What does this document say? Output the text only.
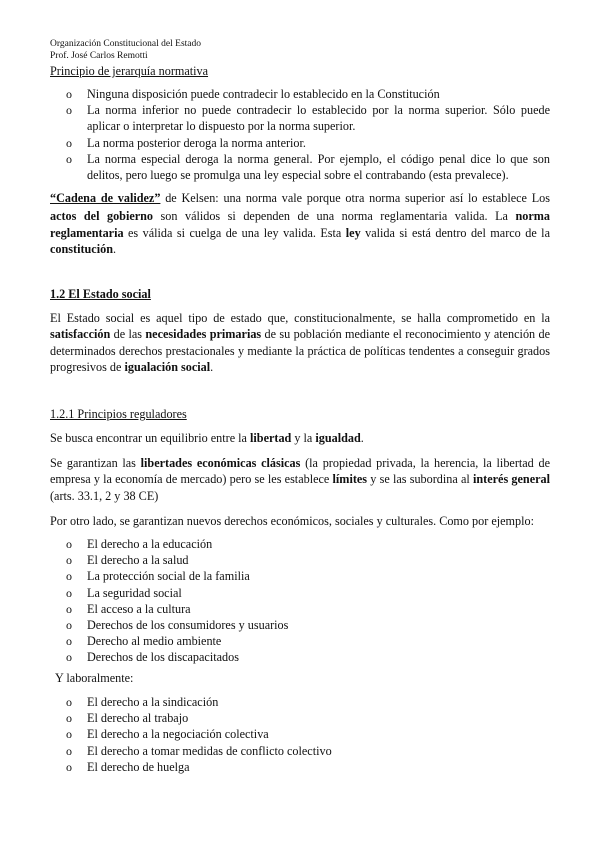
Organización Constitucional del Estado
Prof. José Carlos Remotti
Principio de jerarquía normativa
o Ninguna disposición puede contradecir lo establecido en la Constitución
o La norma inferior no puede contradecir lo establecido por la norma superior. Sólo puede aplicar o interpretar lo dispuesto por la norma superior.
o La norma posterior deroga la norma anterior.
o La norma especial deroga la norma general. Por ejemplo, el código penal dice lo que son delitos, pero luego se promulga una ley especial sobre el contrabando (esta prevalece).
“Cadena de validez” de Kelsen: una norma vale porque otra norma superior así lo establece Los actos del gobierno son válidos si dependen de una norma reglamentaria valida. La norma reglamentaria es válida si cuelga de una ley valida. Esta ley valida si está dentro del marco de la constitución.
1.2 El Estado social
El Estado social es aquel tipo de estado que, constitucionalmente, se halla comprometido en la satisfacción de las necesidades primarias de su población mediante el reconocimiento y atención de determinados derechos prestacionales y mediante la práctica de políticas tendentes a conseguir grados progresivos de igualación social.
1.2.1 Principios reguladores
Se busca encontrar un equilibrio entre la libertad y la igualdad.
Se garantizan las libertades económicas clásicas (la propiedad privada, la herencia, la libertad de empresa y la economía de mercado) pero se les establece límites y se las subordina al interés general (arts. 33.1, 2 y 38 CE)
Por otro lado, se garantizan nuevos derechos económicos, sociales y culturales. Como por ejemplo:
o El derecho a la educación
o El derecho a la salud
o La protección social de la familia
o La seguridad social
o El acceso a la cultura
o Derechos de los consumidores y usuarios
o Derecho al medio ambiente
o Derechos de los discapacitados
Y laboralmente:
o El derecho a la sindicación
o El derecho al trabajo
o El derecho a la negociación colectiva
o El derecho a tomar medidas de conflicto colectivo
o El derecho de huelga
